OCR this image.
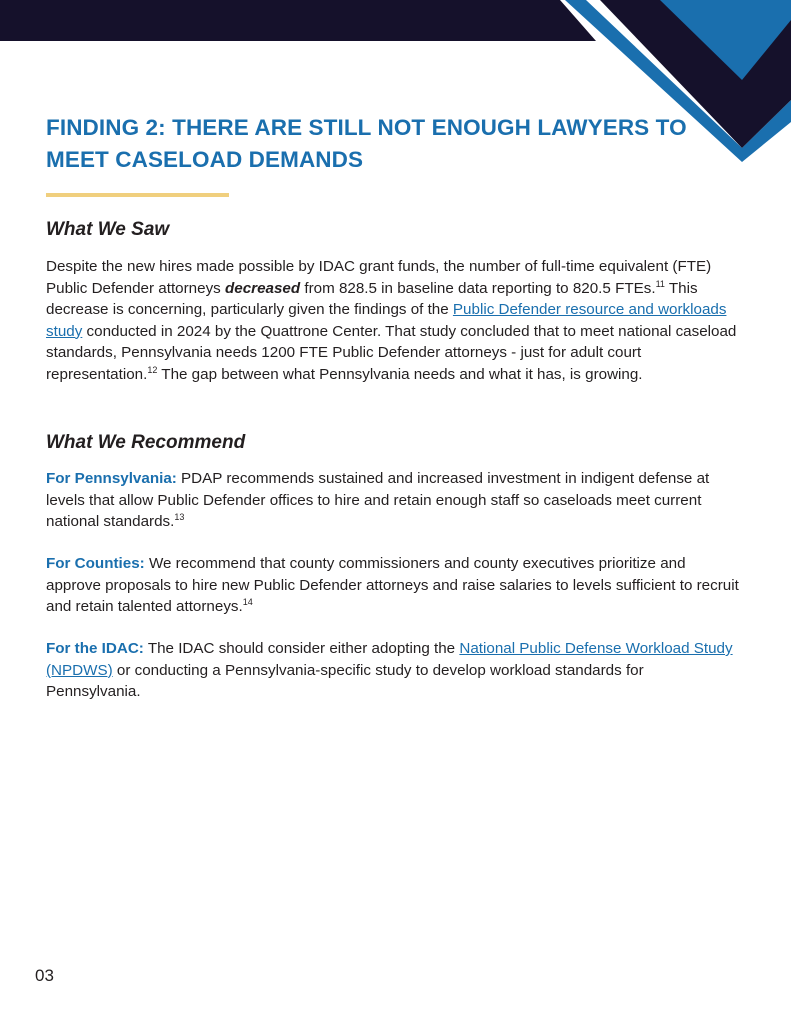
FINDING 2: THERE ARE STILL NOT ENOUGH LAWYERS TO
MEET CASELOAD DEMANDS
What We Saw

Despite the new hires made possible by IDAC grant funds, the number of full-time equivalent (FTE) Public Defender attorneys decreased from 828.5 in baseline data reporting to 820.5 FTEs.$^{11}$ This decrease is concerning, particularly given the findings of the Public Defender resource and workloads study conducted in 2024 by the Quattrone Center. That study concluded that to meet national caseload standards, Pennsylvania needs 1200 FTE Public Defender attorneys - just for adult court representation.$^{12}$ The gap between what Pennsylvania needs and what it has, is growing.

What We Recommend

For Pennsylvania: PDAP recommends sustained and increased investment in indigent defense at levels that allow Public Defender offices to hire and retain enough staff so caseloads meet current national standards.$^{13}$

For Counties: We recommend that county commissioners and county executives prioritize and approve proposals to hire new Public Defender attorneys and raise salaries to levels sufficient to recruit and retain talented attorneys.$^{14}$

For the IDAC: The IDAC should consider either adopting the National Public Defense Workload Study (NPDWS) or conducting a Pennsylvania-specific study to develop workload standards for Pennsylvania.

03
